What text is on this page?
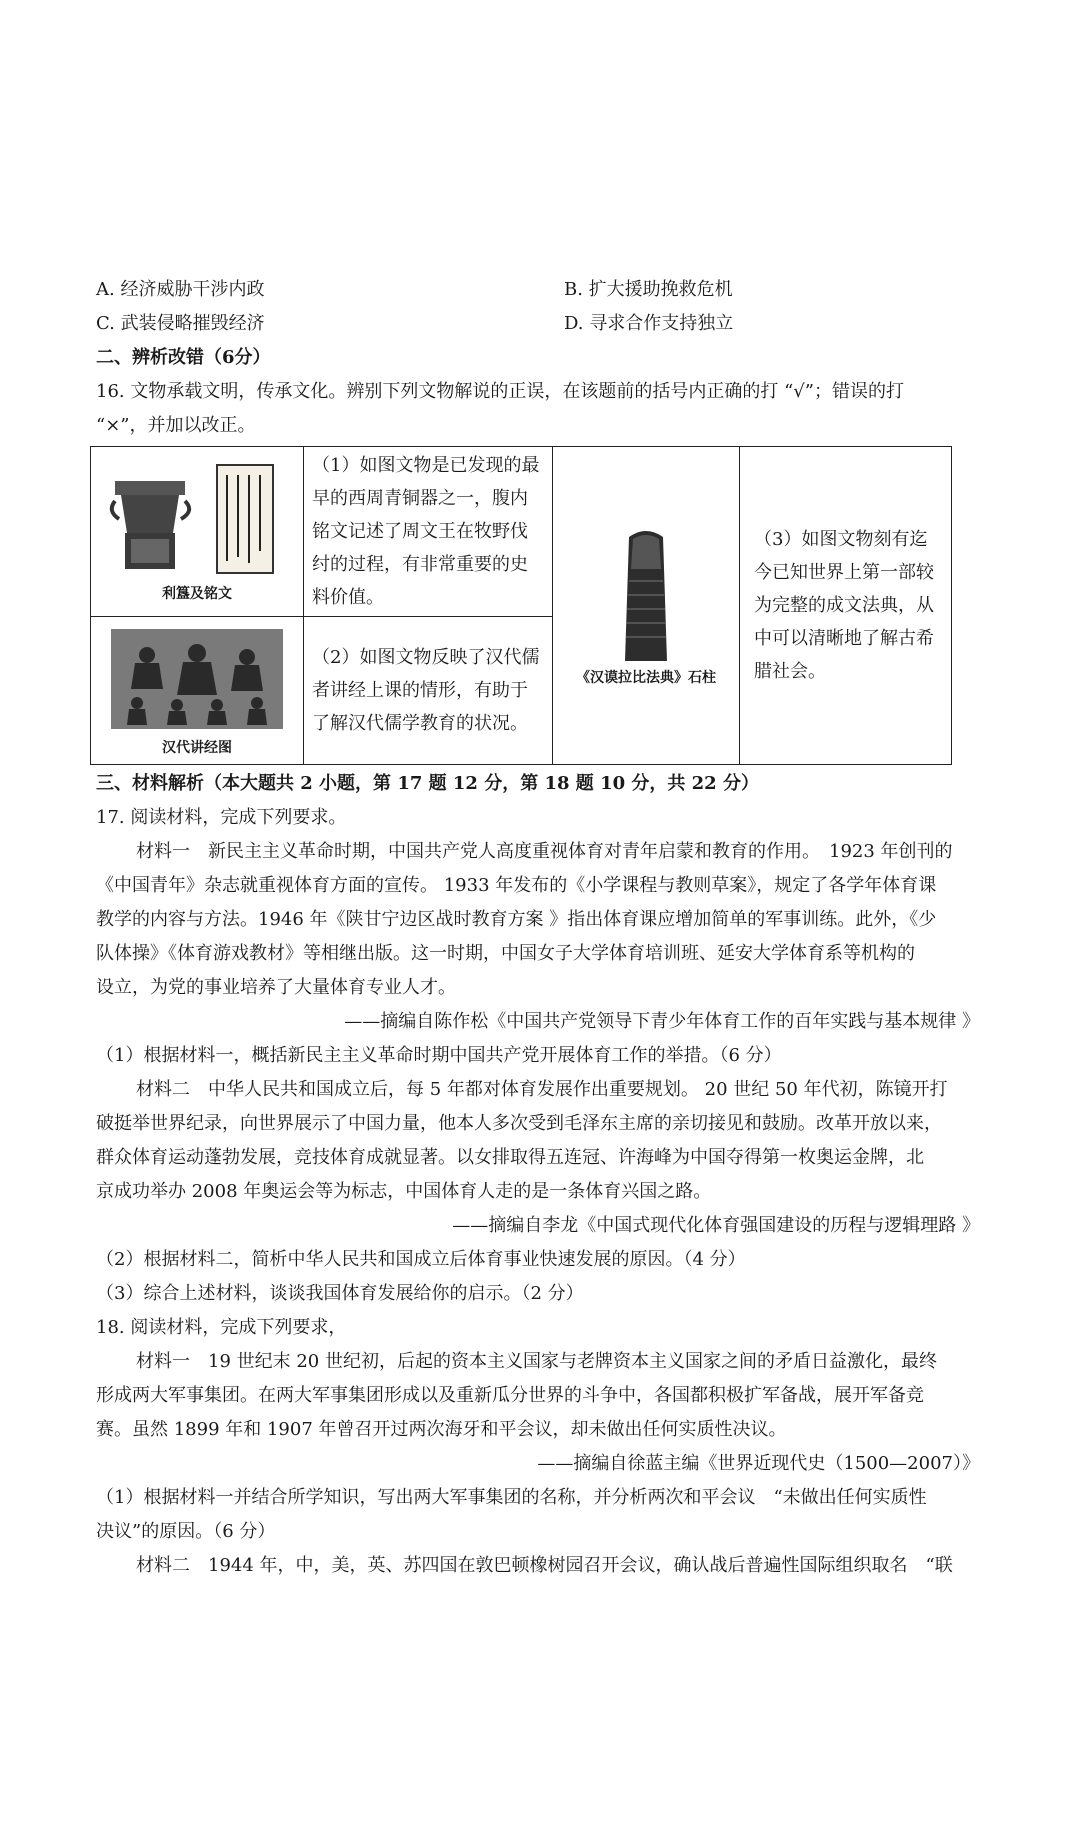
A. 经济威胁干涉内政	B. 扩大援助挽救危机
C. 武装侵略摧毁经济	D. 寻求合作支持独立
二、辨析改错（6分）
16. 文物承载文明，传承文化。辨别下列文物解说的正误，在该题前的括号内正确的打 “√”；错误的打
“×”，并加以改正。
利簋及铭文	（1）如图文物是已发现的最早的西周青铜器之一，腹内铭文记述了周文王在牧野伐纣的过程，有非常重要的史料价值。	《汉谟拉比法典》石柱	（3）如图文物刻有迄今已知世界上第一部较为完整的成文法典，从中可以清晰地了解古希腊社会。

汉代讲经图	（2）如图文物反映了汉代儒者讲经上课的情形，有助于了解汉代儒学教育的状况。		
三、材料解析（本大题共 2 小题，第 17 题 12 分，第 18 题 10 分，共 22 分）
17. 阅读材料，完成下列要求。
材料一　新民主主义革命时期，中国共产党人高度重视体育对青年启蒙和教育的作用。　1923 年创刊的
《中国青年》杂志就重视体育方面的宣传。 1933 年发布的《小学课程与教则草案》，规定了各学年体育课
教学的内容与方法。1946 年《陕甘宁边区战时教育方案 》指出体育课应增加简单的军事训练。此外，《少
队体操》《体育游戏教材》等相继出版。这一时期，中国女子大学体育培训班、延安大学体育系等机构的
设立，为党的事业培养了大量体育专业人才。
——摘编自陈作松《中国共产党领导下青少年体育工作的百年实践与基本规律 》
（1）根据材料一，概括新民主主义革命时期中国共产党开展体育工作的举措。（6 分）
材料二　中华人民共和国成立后，每 5 年都对体育发展作出重要规划。 20 世纪 50 年代初，陈镜开打
破挺举世界纪录，向世界展示了中国力量，他本人多次受到毛泽东主席的亲切接见和鼓励。改革开放以来，
群众体育运动蓬勃发展，竞技体育成就显著。以女排取得五连冠、许海峰为中国夺得第一枚奥运金牌，北
京成功举办 2008 年奥运会等为标志，中国体育人走的是一条体育兴国之路。
——摘编自李龙《中国式现代化体育强国建设的历程与逻辑理路 》
（2）根据材料二，简析中华人民共和国成立后体育事业快速发展的原因。（4 分）
（3）综合上述材料，谈谈我国体育发展给你的启示。（2 分）
18. 阅读材料，完成下列要求，
材料一　19 世纪末 20 世纪初，后起的资本主义国家与老牌资本主义国家之间的矛盾日益激化，最终
形成两大军事集团。在两大军事集团形成以及重新瓜分世界的斗争中，各国都积极扩军备战，展开军备竞
赛。虽然 1899 年和 1907 年曾召开过两次海牙和平会议，却未做出任何实质性决议。
——摘编自徐蓝主编《世界近现代史（1500—2007）》
（1）根据材料一并结合所学知识，写出两大军事集团的名称，并分析两次和平会议　“未做出任何实质性
决议”的原因。（6 分）
材料二　1944 年，中，美，英、苏四国在敦巴顿橡树园召开会议，确认战后普遍性国际组织取名　“联
